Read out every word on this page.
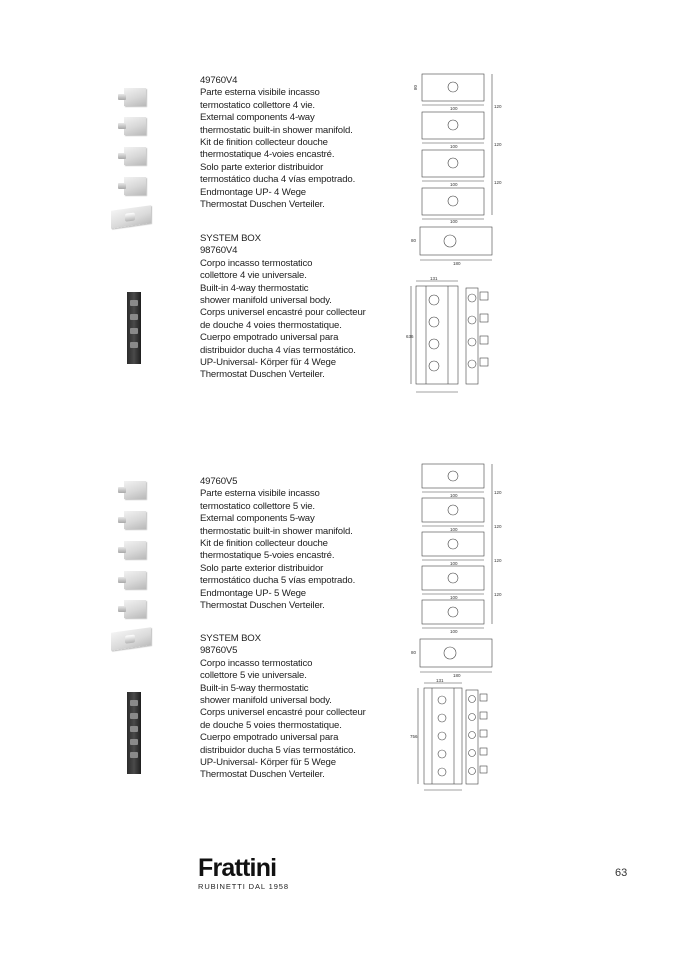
49760V4

Parte esterna visibile incasso

termostatico collettore 4 vie.

External components 4-way

thermostatic built-in shower manifold.

Kit de finition collecteur douche

thermostatique 4-voies encastré.

Solo parte exterior distribuidor

termostático ducha 4 vías empotrado.

Endmontage UP- 4 Wege

Thermostat Duschen Verteiler.

SYSTEM BOX

98760V4

Corpo incasso termostatico

collettore 4 vie universale.

Built-in 4-way thermostatic

shower manifold universal body.

Corps universel encastré pour collecteur

de douche 4 voies thermostatique.

Cuerpo empotrado universal para

distribuidor ducha 4 vías termostático.

UP-Universal- Körper für 4 Wege

Thermostat Duschen Verteiler.

100
100
100
100
80
120
120
120
180
80
131
636

49760V5

Parte esterna visibile incasso

termostatico collettore 5 vie.

External components 5-way

thermostatic built-in shower manifold.

Kit de finition collecteur douche

thermostatique 5-voies encastré.

Solo parte exterior distribuidor

termostático ducha 5 vías empotrado.

Endmontage UP- 5 Wege

Thermostat Duschen Verteiler.

SYSTEM BOX

98760V5

Corpo incasso termostatico

collettore 5 vie universale.

Built-in 5-way thermostatic

shower manifold universal body.

Corps universel encastré pour collecteur

de douche 5 voies thermostatique.

Cuerpo empotrado universal para

distribuidor ducha 5 vías termostático.

UP-Universal- Körper für 5 Wege

Thermostat Duschen Verteiler.

100
100
100
100
100
120
120
120
120
180
80
131
756
Frattini
RUBINETTI DAL 1958
63
